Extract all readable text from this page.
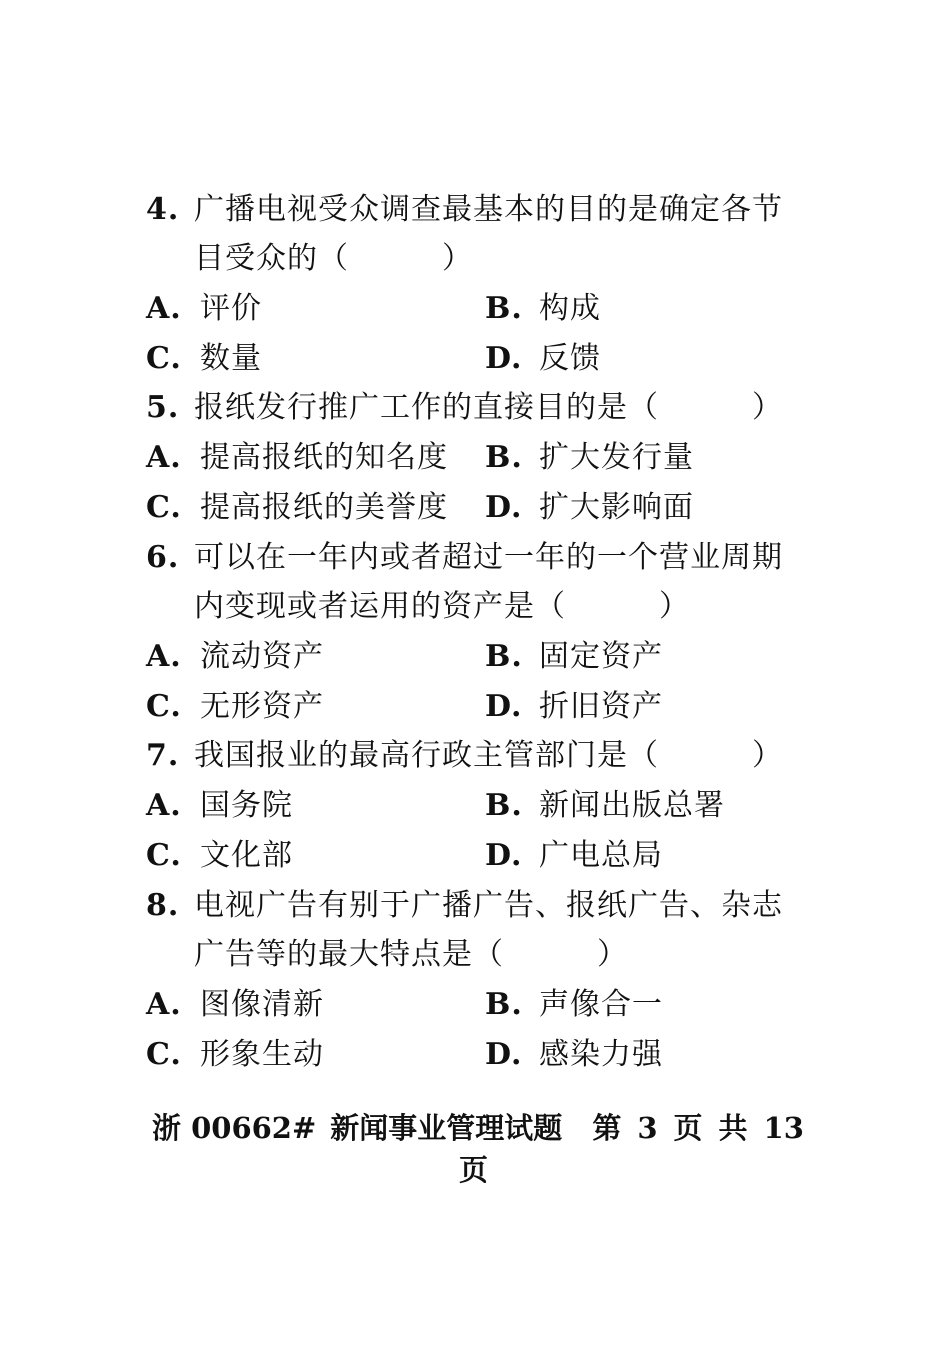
4. 广播电视受众调查最基本的目的是确定各节
目受众的（　　　）
A. 评价	B. 构成
C. 数量	D. 反馈
5. 报纸发行推广工作的直接目的是（　　　）
A. 提高报纸的知名度 B. 扩大发行量
C. 提高报纸的美誉度 D. 扩大影响面
6. 可以在一年内或者超过一年的一个营业周期
内变现或者运用的资产是（　　　）
A. 流动资产	B. 固定资产
C. 无形资产	D. 折旧资产
7. 我国报业的最高行政主管部门是（　　　）
A. 国务院	B. 新闻出版总署
C. 文化部	D. 广电总局
8. 电视广告有别于广播广告、报纸广告、杂志
广告等的最大特点是（　　　）
A. 图像清新	B. 声像合一
C. 形象生动	D. 感染力强
浙 00662# 新闻事业管理试题 第 3 页 共 13
页
